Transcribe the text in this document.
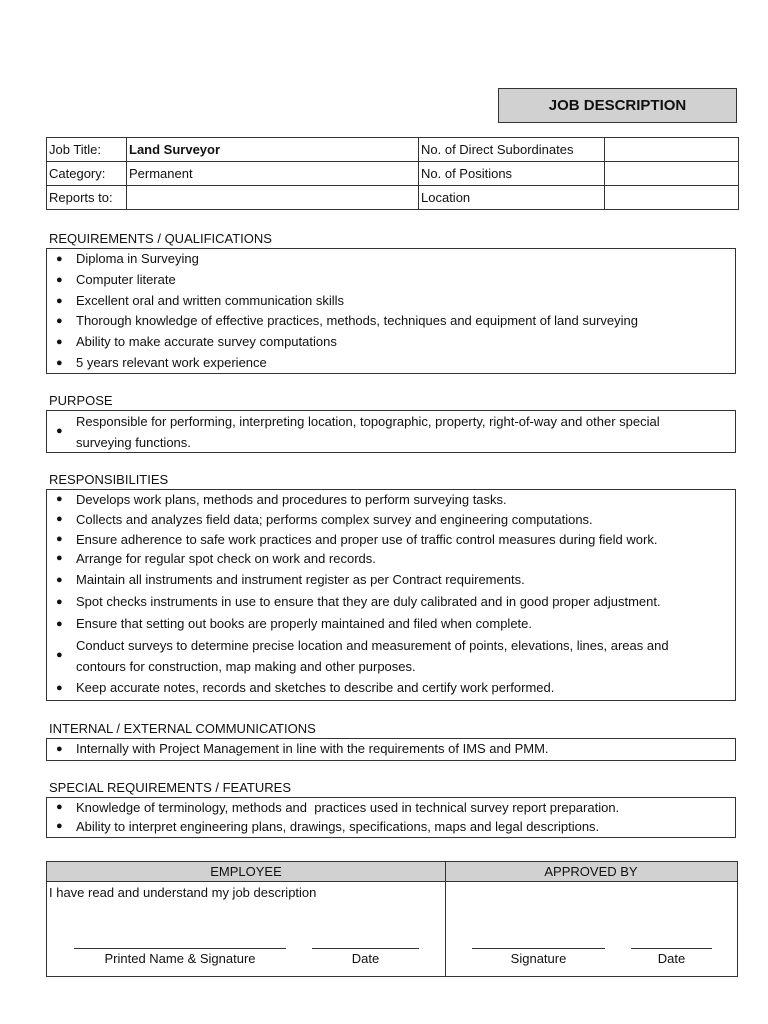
JOB DESCRIPTION
Job Title:	Land Surveyor	No. of Direct Subordinates	
Category:	Permanent	No. of Positions	
Reports to:		Location	
REQUIREMENTS / QUALIFICATIONS
● Diploma in Surveying
● Computer literate
● Excellent oral and written communication skills
● Thorough knowledge of effective practices, methods, techniques and equipment of land surveying
● Ability to make accurate survey computations
● 5 years relevant work experience
PURPOSE
●
Responsible for performing, interpreting location, topographic, property, right-of-way and other special surveying functions.
RESPONSIBILITIES
● Develops work plans, methods and procedures to perform surveying tasks.
● Collects and analyzes field data; performs complex survey and engineering computations.
● Ensure adherence to safe work practices and proper use of traffic control measures during field work.
● Arrange for regular spot check on work and records.
● Maintain all instruments and instrument register as per Contract requirements.
● Spot checks instruments in use to ensure that they are duly calibrated and in good proper adjustment.
● Ensure that setting out books are properly maintained and filed when complete.
●
Conduct surveys to determine precise location and measurement of points, elevations, lines, areas and contours for construction, map making and other purposes.
● Keep accurate notes, records and sketches to describe and certify work performed.
INTERNAL / EXTERNAL COMMUNICATIONS
● Internally with Project Management in line with the requirements of IMS and PMM.
SPECIAL REQUIREMENTS / FEATURES
● Knowledge of terminology, methods and  practices used in technical survey report preparation.
● Ability to interpret engineering plans, drawings, specifications, maps and legal descriptions.
EMPLOYEE	APPROVED BY
I have read and understand my job description
Printed Name & Signature	Date	Signature	Date
